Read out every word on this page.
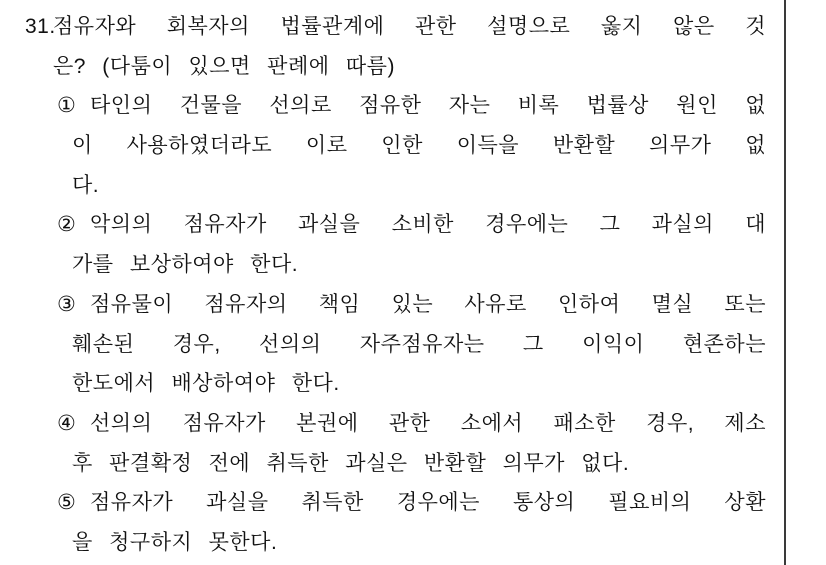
31.
점유자와 회복자의 법률관계에 관한 설명으로 옳지 않은 것
은? (다툼이 있으면 판례에 따름)
① 타인의 건물을 선의로 점유한 자는 비록 법률상 원인 없
이 사용하였더라도 이로 인한 이득을 반환할 의무가 없
다.
② 악의의 점유자가 과실을 소비한 경우에는 그 과실의 대
가를 보상하여야 한다.
③ 점유물이 점유자의 책임 있는 사유로 인하여 멸실 또는
훼손된 경우, 선의의 자주점유자는 그 이익이 현존하는
한도에서 배상하여야 한다.
④ 선의의 점유자가 본권에 관한 소에서 패소한 경우, 제소
후 판결확정 전에 취득한 과실은 반환할 의무가 없다.
⑤ 점유자가 과실을 취득한 경우에는 통상의 필요비의 상환
을 청구하지 못한다.
